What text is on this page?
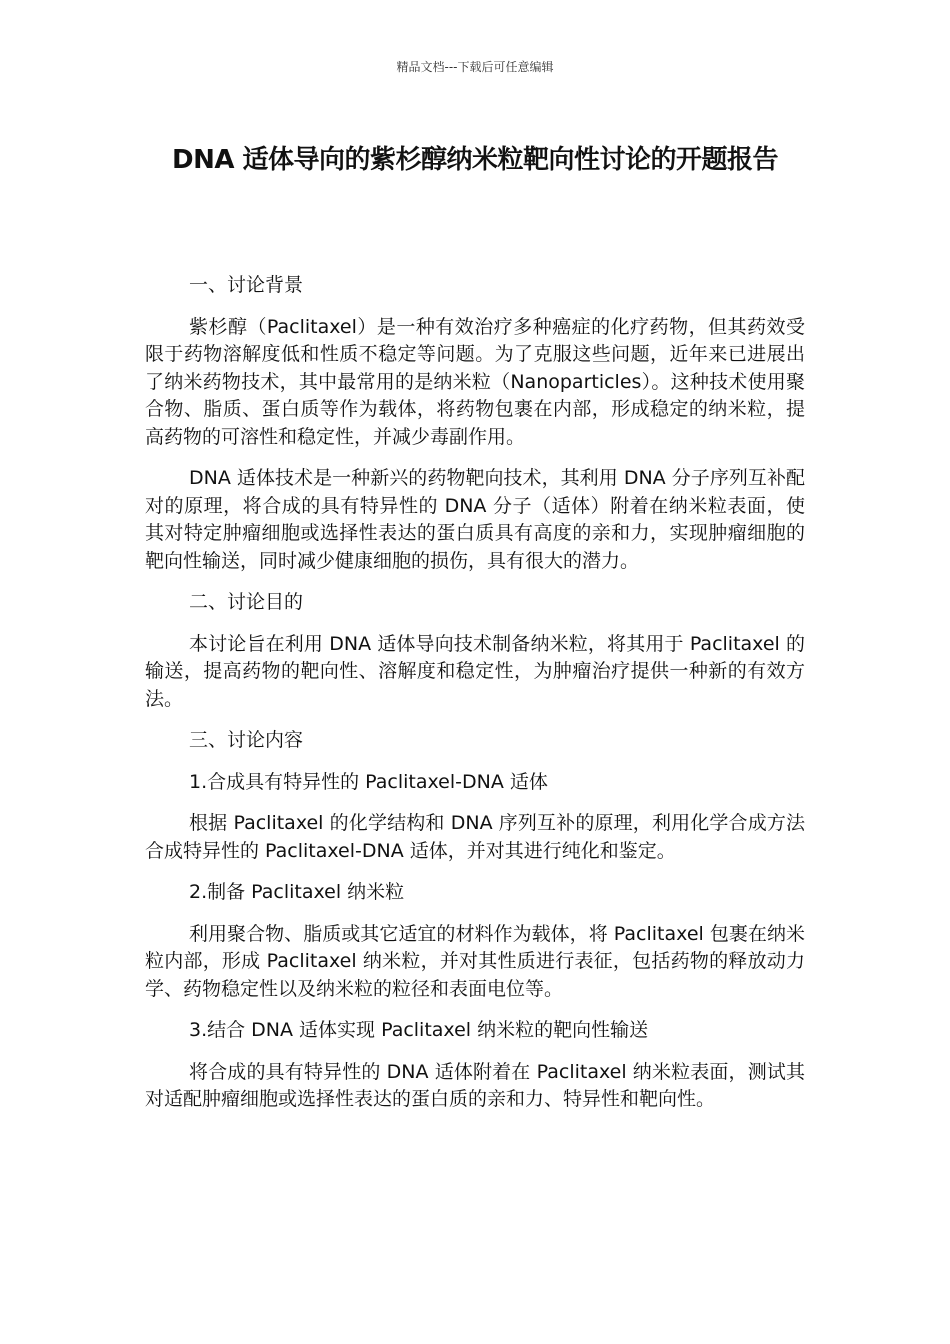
精品文档---下载后可任意编辑
DNA 适体导向的紫杉醇纳米粒靶向性讨论的开题报告
一、讨论背景
紫杉醇（Paclitaxel）是一种有效治疗多种癌症的化疗药物，但其药效受限于药物溶解度低和性质不稳定等问题。为了克服这些问题，近年来已进展出了纳米药物技术，其中最常用的是纳米粒（Nanoparticles）。这种技术使用聚合物、脂质、蛋白质等作为载体，将药物包裹在内部，形成稳定的纳米粒，提高药物的可溶性和稳定性，并减少毒副作用。
DNA 适体技术是一种新兴的药物靶向技术，其利用 DNA 分子序列互补配对的原理，将合成的具有特异性的 DNA 分子（适体）附着在纳米粒表面，使其对特定肿瘤细胞或选择性表达的蛋白质具有高度的亲和力，实现肿瘤细胞的靶向性输送，同时减少健康细胞的损伤，具有很大的潜力。
二、讨论目的
本讨论旨在利用 DNA 适体导向技术制备纳米粒，将其用于 Paclitaxel 的输送，提高药物的靶向性、溶解度和稳定性，为肿瘤治疗提供一种新的有效方法。
三、讨论内容
1.合成具有特异性的 Paclitaxel-DNA 适体
根据 Paclitaxel 的化学结构和 DNA 序列互补的原理，利用化学合成方法合成特异性的 Paclitaxel-DNA 适体，并对其进行纯化和鉴定。
2.制备 Paclitaxel 纳米粒
利用聚合物、脂质或其它适宜的材料作为载体，将 Paclitaxel 包裹在纳米粒内部，形成 Paclitaxel 纳米粒，并对其性质进行表征，包括药物的释放动力学、药物稳定性以及纳米粒的粒径和表面电位等。
3.结合 DNA 适体实现 Paclitaxel 纳米粒的靶向性输送
将合成的具有特异性的 DNA 适体附着在 Paclitaxel 纳米粒表面，测试其对适配肿瘤细胞或选择性表达的蛋白质的亲和力、特异性和靶向性。
